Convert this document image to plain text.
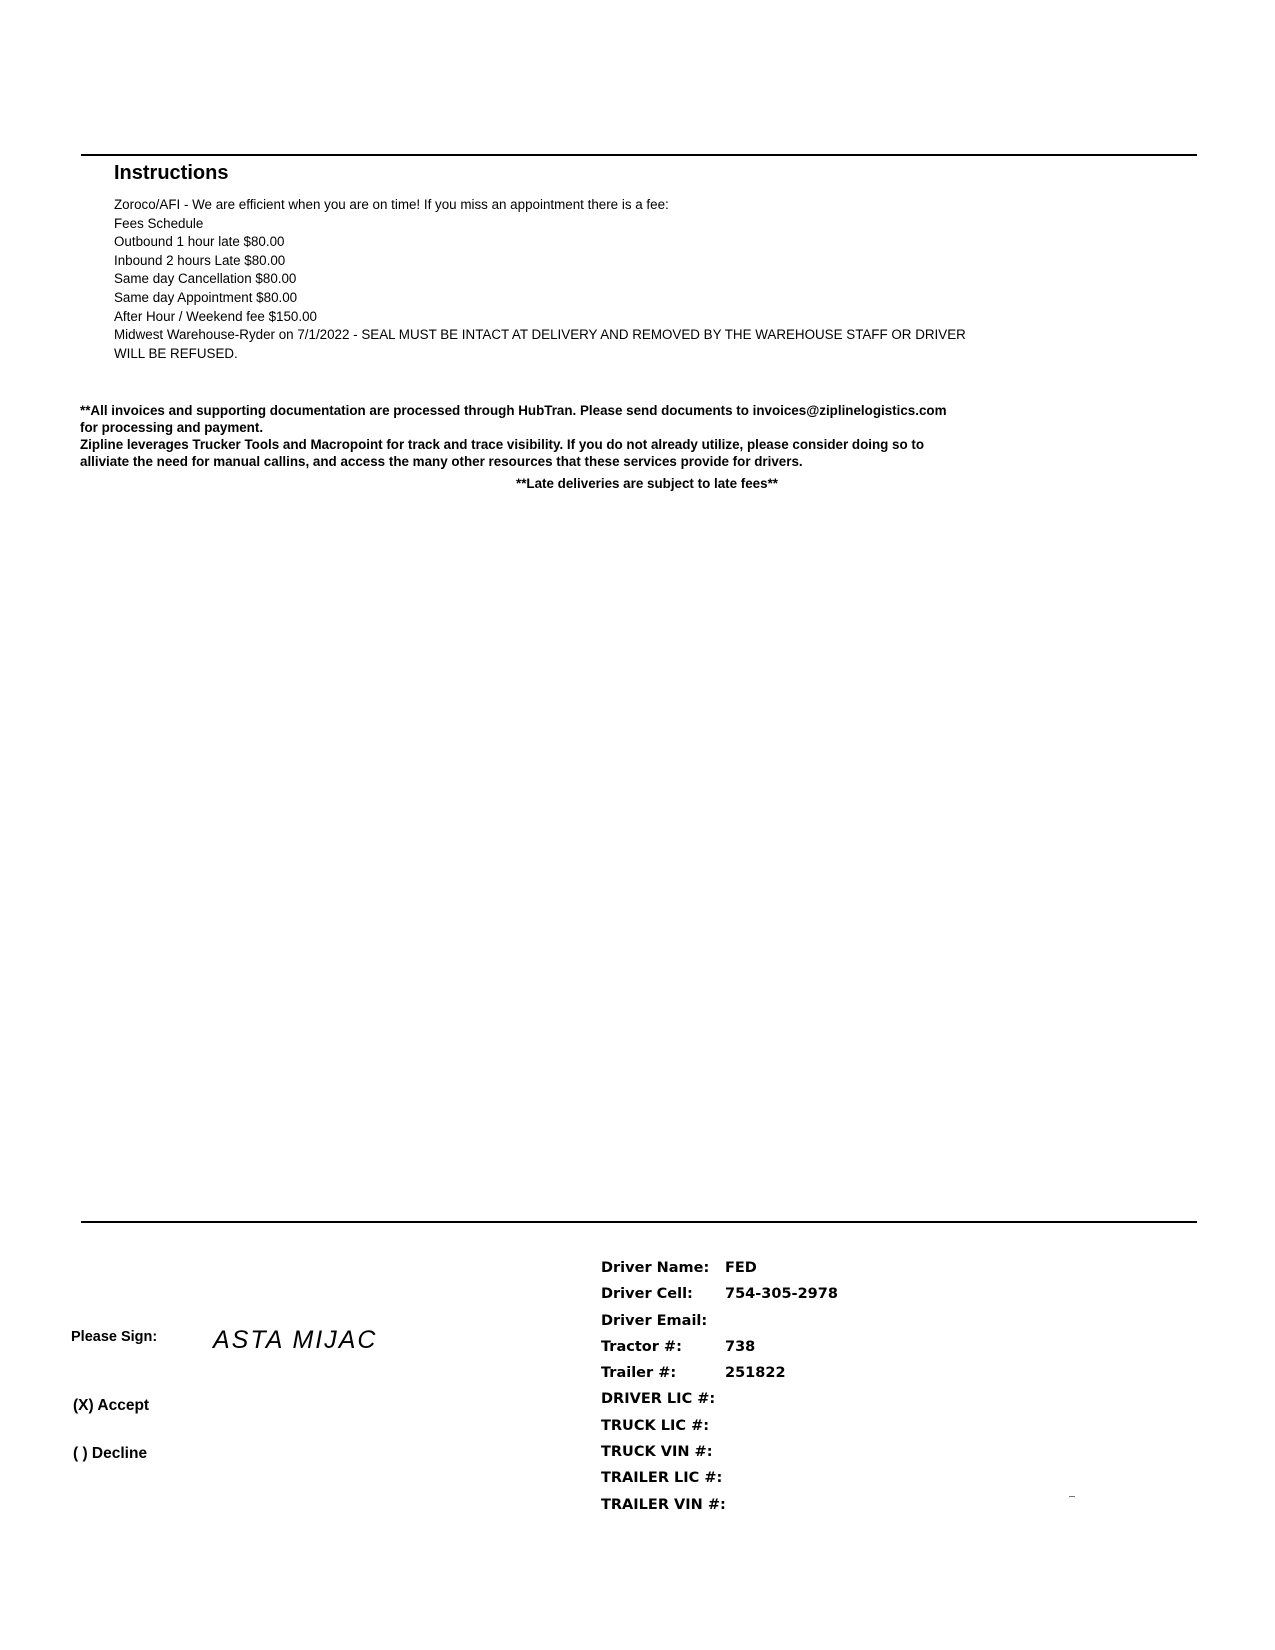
Instructions
Zoroco/AFI - We are efficient when you are on time! If you miss an appointment there is a fee:
Fees Schedule
Outbound 1 hour late $80.00
Inbound 2 hours Late $80.00
Same day Cancellation $80.00
Same day Appointment $80.00
After Hour / Weekend fee $150.00
Midwest Warehouse-Ryder on 7/1/2022 - SEAL MUST BE INTACT AT DELIVERY AND REMOVED BY THE WAREHOUSE STAFF OR DRIVER
WILL BE REFUSED.
**All invoices and supporting documentation are processed through HubTran. Please send documents to invoices@ziplinelogistics.com
for processing and payment.
Zipline leverages Trucker Tools and Macropoint for track and trace visibility. If you do not already utilize, please consider doing so to
alliviate the need for manual callins, and access the many other resources that these services provide for drivers.
**Late deliveries are subject to late fees**
Please Sign: ASTA MIJAC
(X) Accept
( ) Decline
Driver Name: FED
Driver Cell: 754-305-2978
Driver Email:
Tractor #:	738
Trailer #:	251822
DRIVER LIC #:
TRUCK LIC #:
TRUCK VIN #:
TRAILER LIC #:
TRAILER VIN #:
